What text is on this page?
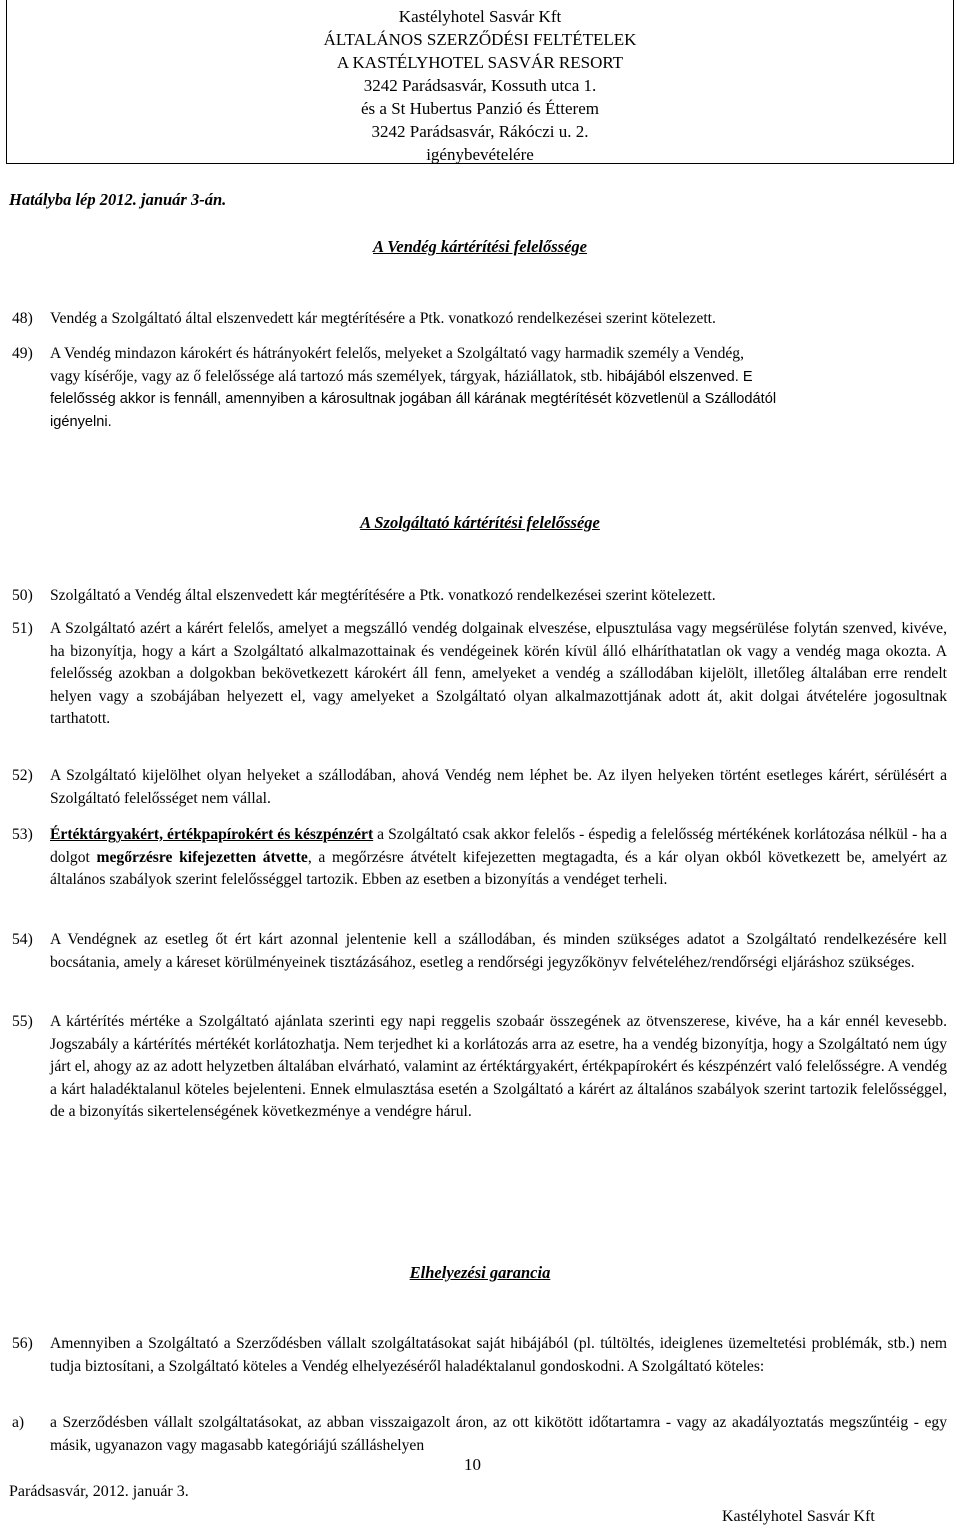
Kastélyhotel Sasvár Kft
ÁLTALÁNOS SZERZŐDÉSI FELTÉTELEK
A KASTÉLYHOTEL SASVÁR RESORT
3242 Parádsasvár, Kossuth utca 1.
és a St Hubertus Panzió és Étterem
3242 Parádsasvár, Rákóczi u. 2.
igénybevételére
Hatályba lép 2012. január 3-án.
A Vendég kártérítési felelőssége
48) Vendég a Szolgáltató által elszenvedett kár megtérítésére a Ptk. vonatkozó rendelkezései szerint kötelezett.
49) A Vendég mindazon károkért és hátrányokért felelős, melyeket a Szolgáltató vagy harmadik személy a Vendég,
vagy kísérője, vagy az ő felelőssége alá tartozó más személyek, tárgyak, háziállatok, stb. hibájából elszenved. E
felelősség akkor is fennáll, amennyiben a károsultnak jogában áll kárának megtérítését közvetlenül a Szállodától
igényelni.
A Szolgáltató kártérítési felelőssége
50) Szolgáltató a Vendég által elszenvedett kár megtérítésére a Ptk. vonatkozó rendelkezései szerint kötelezett.
51)	A Szolgáltató azért a kárért felelős, amelyet a megszálló vendég dolgainak elveszése, elpusztulása vagy megsérülése folytán szenved, kivéve, ha bizonyítja, hogy a kárt a Szolgáltató alkalmazottainak és vendégeinek körén kívül álló elháríthatatlan ok vagy a vendég maga okozta. A felelősség azokban a dolgokban bekövetkezett károkért áll fenn, amelyeket a vendég a szállodában kijelölt, illetőleg általában erre rendelt helyen vagy a szobájában helyezett el, vagy amelyeket a Szolgáltató olyan alkalmazottjának adott át, akit dolgai átvételére jogosultnak tarthatott.
52)	A Szolgáltató kijelölhet olyan helyeket a szállodában, ahová Vendég nem léphet be. Az ilyen helyeken történt esetleges kárért, sérülésért a Szolgáltató felelősséget nem vállal.
53)	Értéktárgyakért, értékpapírokért és készpénzért a Szolgáltató csak akkor felelős - éspedig a felelősség mértékének korlátozása nélkül - ha a dolgot megőrzésre kifejezetten átvette, a megőrzésre átvételt kifejezetten megtagadta, és a kár olyan okból következett be, amelyért az általános szabályok szerint felelősséggel tartozik. Ebben az esetben a bizonyítás a vendéget terheli.
54)	A Vendégnek az esetleg őt ért kárt azonnal jelentenie kell a szállodában, és minden szükséges adatot a Szolgáltató rendelkezésére kell bocsátania, amely a káreset körülményeinek tisztázásához, esetleg a rendőrségi jegyzőkönyv felvételéhez/rendőrségi eljáráshoz szükséges.
55)	A kártérítés mértéke a Szolgáltató ajánlata szerinti egy napi reggelis szobaár összegének az ötvenszerese, kivéve, ha a kár ennél kevesebb. Jogszabály a kártérítés mértékét korlátozhatja. Nem terjedhet ki a korlátozás arra az esetre, ha a vendég bizonyítja, hogy a Szolgáltató nem úgy járt el, ahogy az az adott helyzetben általában elvárható, valamint az értéktárgyakért, értékpapírokért és készpénzért való felelősségre. A vendég a kárt haladéktalanul köteles bejelenteni. Ennek elmulasztása esetén a Szolgáltató a kárért az általános szabályok szerint tartozik felelősséggel, de a bizonyítás sikertelenségének következménye a vendégre hárul.
Elhelyezési garancia
56)	Amennyiben a Szolgáltató a Szerződésben vállalt szolgáltatásokat saját hibájából (pl. túltöltés, ideiglenes üzemeltetési problémák, stb.) nem tudja biztosítani, a Szolgáltató köteles a Vendég elhelyezéséről haladéktalanul gondoskodni. A Szolgáltató köteles:
a)	a Szerződésben vállalt szolgáltatásokat, az abban visszaigazolt áron, az ott kikötött időtartamra - vagy az akadályoztatás megszűntéig - egy másik, ugyanazon vagy magasabb kategóriájú szálláshelyen
10
Parádsasvár, 2012. január 3.
Kastélyhotel Sasvár Kft
